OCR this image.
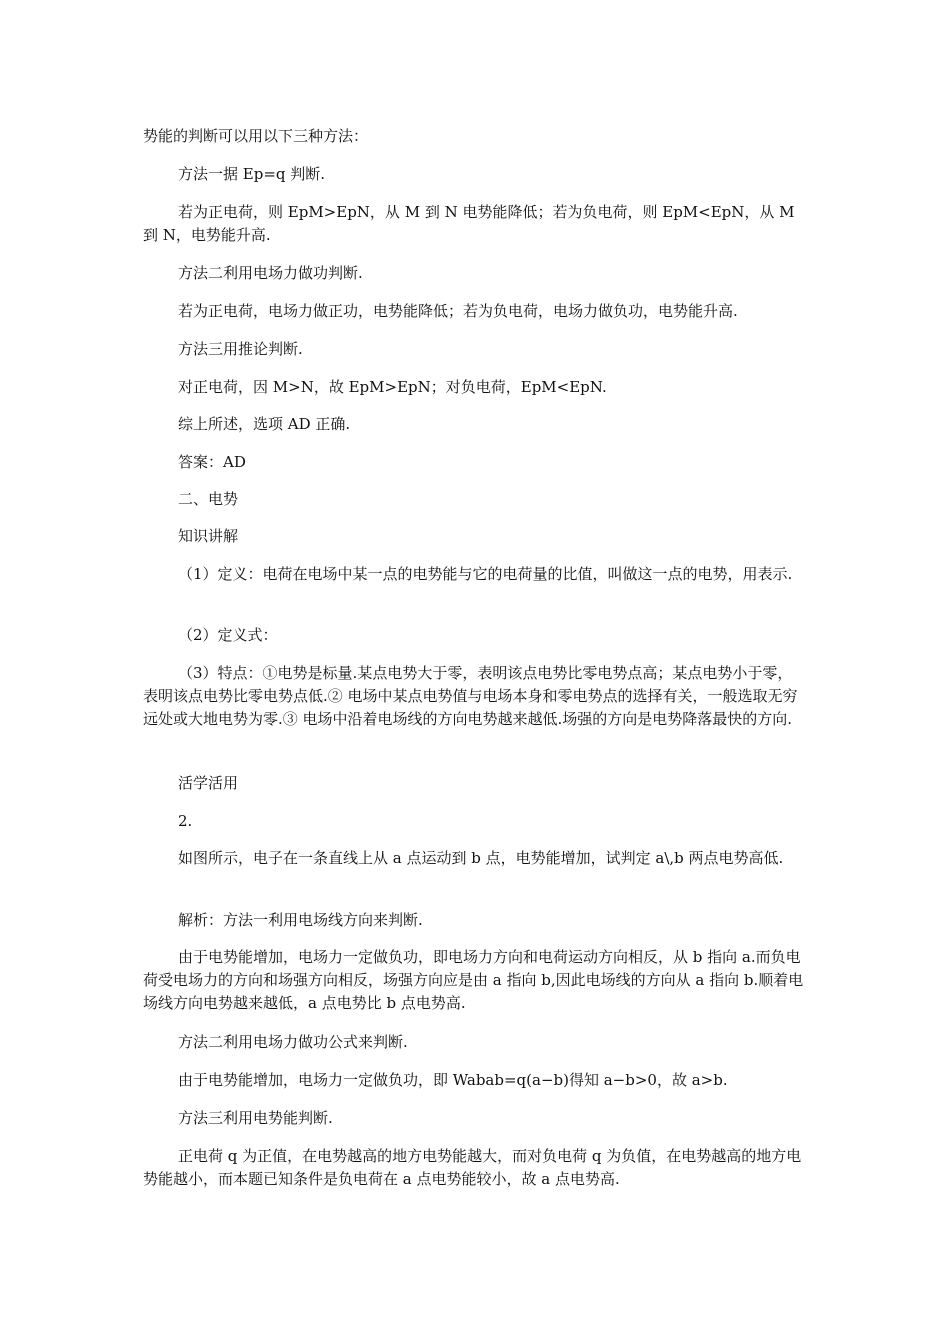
势能的判断可以用以下三种方法：

方法一据 Ep=q 判断.

若为正电荷，则 EpM>EpN，从 M 到 N 电势能降低；若为负电荷，则 EpM<EpN，从 M 到 N，电势能升高.

方法二利用电场力做功判断.

若为正电荷，电场力做正功，电势能降低；若为负电荷，电场力做负功，电势能升高.

方法三用推论判断.

对正电荷，因 M>N，故 EpM>EpN；对负电荷，EpM<EpN.

综上所述，选项 AD 正确.

答案：AD

二、电势

知识讲解

（1）定义：电荷在电场中某一点的电势能与它的电荷量的比值，叫做这一点的电势，用表示.

（2）定义式：

（3）特点：①电势是标量.某点电势大于零，表明该点电势比零电势点高；某点电势小于零，表明该点电势比零电势点低.② 电场中某点电势值与电场本身和零电势点的选择有关，一般选取无穷远处或大地电势为零.③ 电场中沿着电场线的方向电势越来越低.场强的方向是电势降落最快的方向.

活学活用

2.

如图所示，电子在一条直线上从 a 点运动到 b 点，电势能增加，试判定 a\,b 两点电势高低.

解析：方法一利用电场线方向来判断.

由于电势能增加，电场力一定做负功，即电场力方向和电荷运动方向相反，从 b 指向 a.而负电荷受电场力的方向和场强方向相反，场强方向应是由 a 指向 b,因此电场线的方向从 a 指向 b.顺着电场线方向电势越来越低，a 点电势比 b 点电势高.

方法二利用电场力做功公式来判断.

由于电势能增加，电场力一定做负功，即 Wabab=q(a−b)得知 a−b>0，故 a>b.

方法三利用电势能判断.

正电荷 q 为正值，在电势越高的地方电势能越大，而对负电荷 q 为负值，在电势越高的地方电势能越小，而本题已知条件是负电荷在 a 点电势能较小，故 a 点电势高.
